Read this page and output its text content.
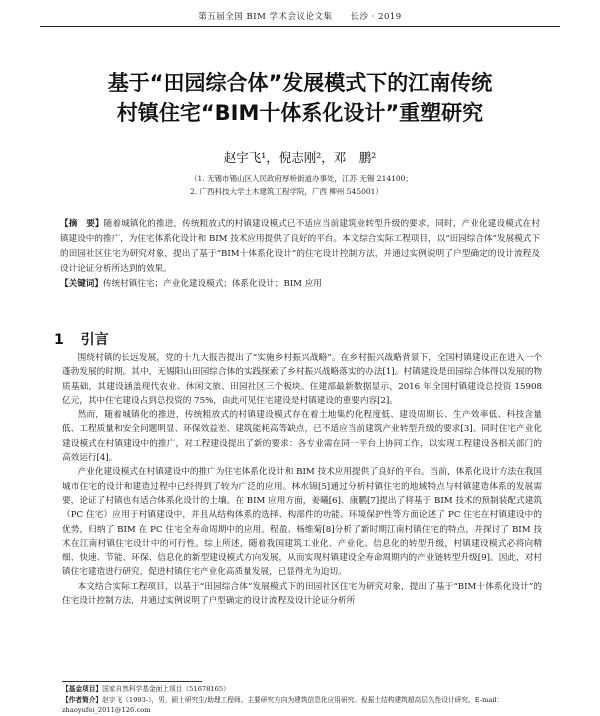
第五届全国 BIM 学术会议论文集　　长沙 · 2019
基于“田园综合体”发展模式下的江南传统
村镇住宅“BIM十体系化设计”重塑研究
赵宇飞¹，倪志刚²，邓　鹏²
（1. 无锡市锡山区人民政府厚桥街道办事处，江苏 无锡 214100；
2. 广西科技大学土木建筑工程学院，广西 柳州 545001）
【摘　要】随着城镇化的推进，传统粗放式的村镇建设模式已不适应当前建筑业转型升级的要求，同时，产业化建设模式在村镇建设中的推广，为住宅体系化设计和 BIM 技术应用提供了良好的平台。本文综合实际工程项目，以“田园综合体”发展模式下的田园社区住宅为研究对象，提出了基于“BIM十体系化设计”的住宅设计控制方法，并通过实例说明了户型确定的设计流程及设计论证分析所达到的效果。
【关键词】传统村镇住宅；产业化建设模式；体系化设计；BIM 应用
1 引言

围绕村镇的长远发展，党的十九大报告提出了“实施乡村振兴战略”。在乡村振兴战略背景下，全国村镇建设正在进入一个蓬勃发展的时期。其中，无锡阳山田园综合体的实践探索了乡村振兴战略落实的办法[1]。村镇建设是田园综合体得以发展的物质基础，其建设涵盖现代农业、休闲文旅、田园社区三个板块。住建部最新数据显示，2016 年全国村镇建设总投资 15908 亿元，其中住宅建设占到总投资的 75%，由此可见住宅建设是村镇建设的重要内容[2]。

然而，随着城镇化的推进，传统粗放式的村镇建设模式存在着土地集约化程度低、建设周期长、生产效率低、科技含量低、工程质量和安全问题明显、环保效益差、建筑能耗高等缺点，已不适应当前建筑产业转型升级的要求[3]。同时住宅产业化建设模式在村镇建设中的推广，对工程建设提出了新的要求：各专业需在同一平台上协同工作，以实现工程建设各相关部门的高效运行[4]。

产业化建设模式在村镇建设中的推广为住宅体系化设计和 BIM 技术应用提供了良好的平台。当前，体系化设计方法在我国城市住宅的设计和建造过程中已经得到了较为广泛的应用。林水锦[5]通过分析村镇住宅的地域特点与村镇建造体系的发展需要，论证了村镇也有适合体系化设计的土壤。在 BIM 应用方面，姜曦[6]、康鹏[7]提出了将基于 BIM 技术的预制装配式建筑（PC 住宅）应用于村镇建设中，并且从结构体系的选择、构部件的功能、环境保护性等方面论述了 PC 住宅在村镇建设中的优势，归纳了 BIM 在 PC 住宅全寿命周期中的应用。程盈、杨维菊[8]分析了新时期江南村镇住宅的特点，并探讨了 BIM 技术在江南村镇住宅设计中的可行性。综上所述，随着我国建筑工业化、产业化、信息化的转型升级，村镇建设模式必将向精细、快速、节能、环保、信息化的新型建设模式方向发展，从而实现村镇建设全寿命周期内的产业链转型升级[9]。因此，对村镇住宅建造进行研究，促进村镇住宅产业化高质量发展，已显得尤为迫切。

本文结合实际工程项目，以基于“田园综合体”发展模式下的田园社区住宅为研究对象，提出了基于“BIM十体系化设计”的住宅设计控制方法，并通过实例说明了户型确定的设计流程及设计论证分析所

【基金项目】国家自然科学基金面上项目（51678165）
【作者简介】赵宇飞（1993-），男，硕士研究生/助理工程师。主要研究方向为建筑信息化应用研究。倪振土结构建筑超高层久性设计研究。E-mail：zhaoyufei_2011@126.com
